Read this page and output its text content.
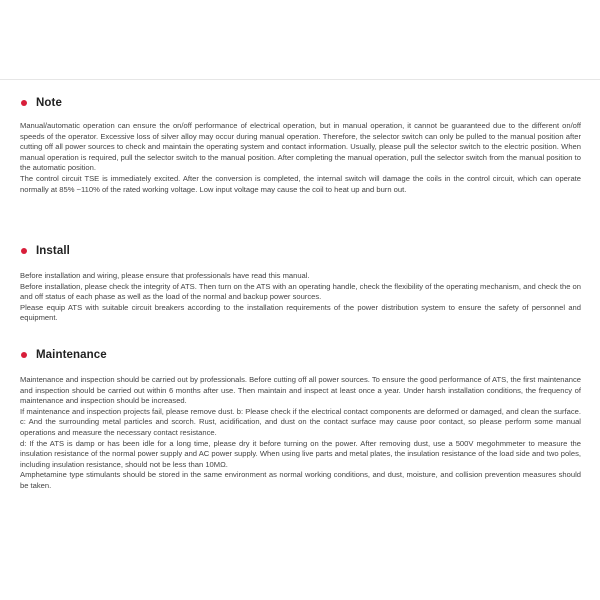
Note

Manual/automatic operation can ensure the on/off performance of electrical operation, but in manual operation, it cannot be guaranteed due to the different on/off speeds of the operator. Excessive loss of silver alloy may occur during manual operation. Therefore, the selector switch can only be pulled to the manual position after cutting off all power sources to check and maintain the operating system and contact information. Usually, please pull the selector switch to the electric position. When manual operation is required, pull the selector switch to the manual position. After completing the manual operation, pull the selector switch from the manual position to the automatic position.

The control circuit TSE is immediately excited. After the conversion is completed, the internal switch will damage the coils in the control circuit, which can operate normally at 85% ~110% of the rated working voltage. Low input voltage may cause the coil to heat up and burn out.

Install

Before installation and wiring, please ensure that professionals have read this manual.

Before installation, please check the integrity of ATS. Then turn on the ATS with an operating handle, check the flexibility of the operating mechanism, and check the on and off status of each phase as well as the load of the normal and backup power sources.

Please equip ATS with suitable circuit breakers according to the installation requirements of the power distribution system to ensure the safety of personnel and equipment.

Maintenance

Maintenance and inspection should be carried out by professionals. Before cutting off all power sources. To ensure the good performance of ATS, the first maintenance and inspection should be carried out within 6 months after use. Then maintain and inspect at least once a year. Under harsh installation conditions, the frequency of maintenance and inspection should be increased.

If maintenance and inspection projects fail, please remove dust. b: Please check if the electrical contact components are deformed or damaged, and clean the surface. c: And the surrounding metal particles and scorch. Rust, acidification, and dust on the contact surface may cause poor contact, so please perform some manual operations and measure the necessary contact resistance.

d: If the ATS is damp or has been idle for a long time, please dry it before turning on the power. After removing dust, use a 500V megohmmeter to measure the insulation resistance of the normal power supply and AC power supply. When using live parts and metal plates, the insulation resistance of the load side and two poles, including insulation resistance, should not be less than 10MΩ.

Amphetamine type stimulants should be stored in the same environment as normal working conditions, and dust, moisture, and collision prevention measures should be taken.
